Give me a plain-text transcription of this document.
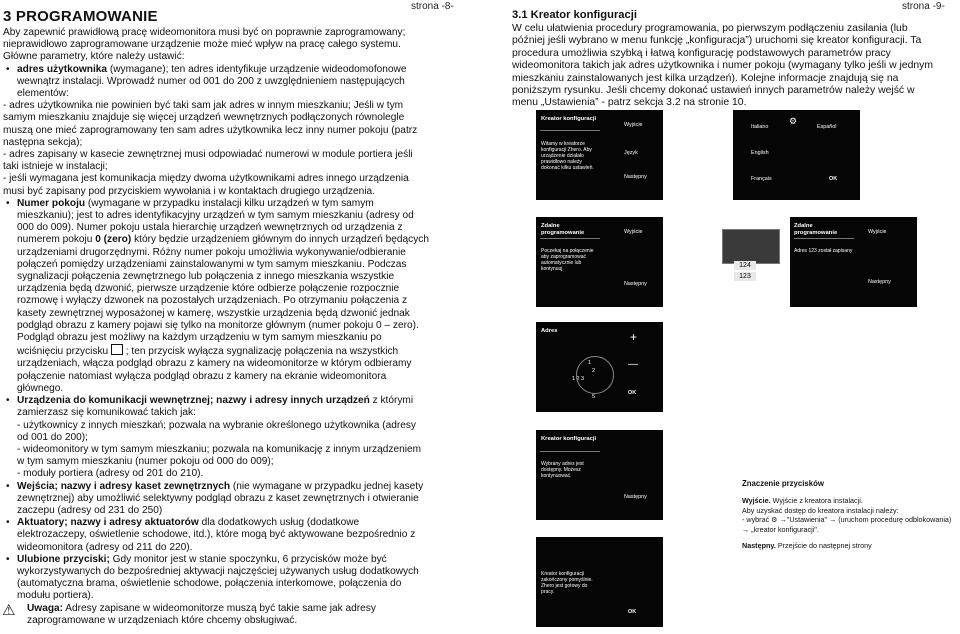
strona -8-
3 PROGRAMOWANIE

Aby zapewnić prawidłową pracę wideomonitora musi być on poprawnie zaprogramowany; nieprawidłowo zaprogramowane urządzenie może mieć wpływ na pracę całego systemu.

Główne parametry, które należy ustawić:

• adres użytkownika (wymagane); ten adres identyfikuje urządzenie wideodomofonowe wewnątrz instalacji. Wprowadź numer od 001 do 200 z uwzględnieniem następujących elementów:

- adres użytkownika nie powinien być taki sam jak adres w innym mieszkaniu; Jeśli w tym samym mieszkaniu znajduje się więcej urządzeń wewnętrznych podłączonych równolegle muszą one mieć zaprogramowany ten sam adres użytkownika lecz inny numer pokoju (patrz następna sekcja);

- adres zapisany w kasecie zewnętrznej musi odpowiadać numerowi w module portiera jeśli taki istnieje w instalacji;

- jeśli wymagana jest komunikacja między dwoma użytkownikami adres innego urządzenia musi być zapisany pod przyciskiem wywołania i w kontaktach drugiego urządzenia.

• Numer pokoju (wymagane w przypadku instalacji kilku urządzeń w tym samym mieszkaniu); jest to adres identyfikacyjny urządzeń w tym samym mieszkaniu (adresy od 000 do 009). Numer pokoju ustala hierarchię urządzeń wewnętrznych od urządzenia z numerem pokoju 0 (zero) który będzie urządzeniem głównym do innych urządzeń będących urządzeniami drugorzędnymi. Różny numer pokoju umożliwia wykonywanie/odbieranie połączeń pomiędzy urządzeniami zainstalowanymi w tym samym mieszkaniu. Podczas sygnalizacji połączenia zewnętrznego lub połączenia z innego mieszkania wszystkie urządzenia będą dzwonić, pierwsze urządzenie które odbierze połączenie rozpocznie rozmowę i wyłączy dzwonek na pozostałych urządzeniach. Po otrzymaniu połączenia z kasety zewnętrznej wyposażonej w kamerę, wszystkie urządzenia będą dzwonić jednak podgląd obrazu z kamery pojawi się tylko na monitorze głównym (numer pokoju 0 – zero). Podgląd obrazu jest możliwy na każdym urządzeniu w tym samym mieszkaniu po wciśnięciu przycisku  ; ten przycisk wyłącza sygnalizację połączenia na wszystkich urządzeniach, włącza podgląd obrazu z kamery na wideomonitorze w którym odbieramy połączenie natomiast wyłącza podgląd obrazu z kamery na ekranie wideomonitora głównego.

• Urządzenia do komunikacji wewnętrznej; nazwy i adresy innych urządzeń z którymi zamierzasz się komunikować takich jak:

- użytkownicy z innych mieszkań; pozwala na wybranie określonego użytkownika (adresy od 001 do 200);

- wideomonitory w tym samym mieszkaniu; pozwala na komunikację z innym urządzeniem w tym samym mieszkaniu (numer pokoju od 000 do 009);

- moduły portiera (adresy od 201 do 210).

• Wejścia; nazwy i adresy kaset zewnętrznych (nie wymagane w przypadku jednej kasety zewnętrznej) aby umożliwić selektywny podgląd obrazu z kaset zewnętrznych i otwieranie zaczepu (adresy od 231 do 250)

• Aktuatory; nazwy i adresy aktuatorów dla dodatkowych usług (dodatkowe elektrozaczepy, oświetlenie schodowe, itd.), które mogą być aktywowane bezpośrednio z wideomonitora (adresy od 211 do 220).

• Ulubione przyciski; Gdy monitor jest w stanie spoczynku, 6 przycisków może być wykorzystywanych do bezpośredniej aktywacji najczęściej używanych usług dodatkowych (automatyczna brama, oświetlenie schodowe, połączenia interkomowe, połączenia do modułu portiera).

⚠ Uwaga: Adresy zapisane w wideomonitorze muszą być takie same jak adresy zaprogramowane w urządzeniach które chcemy obsługiwać.

strona -9-
3.1 Kreator konfiguracji
W celu ułatwienia procedury programowania, po pierwszym podłączeniu zasilania (lub później jeśli wybrano w menu funkcję „konfiguracja”) uruchomi się kreator konfiguracji. Ta procedura umożliwia szybką i łatwą konfigurację podstawowych parametrów pracy wideomonitora takich jak adres użytkownika i numer pokoju (wymagany tylko jeśli w jednym mieszkaniu zainstalowanych jest kilka urządzeń). Kolejne informacje znajdują się na poniższym rysunku. Jeśli chcemy dokonać ustawień innych parametrów należy wejść w menu „Ustawienia” - patrz sekcja 3.2 na stronie 10.
Kreator konfiguracji
Witamy w kreatorze konfiguracji Zhero. Aby urządzenie działało prawidłowo należy dokonać kilku ustawień.
Wyjście
Język
Następny
Italiano	Español
English
Français	OK
⚙
Zdalne programowanie
Poczekaj na połączenie aby zaprogramować automatycznie lub kontynuuj
Wyjście
Następny
124
123
Zdalne programowanie
Adres 123 został zapisany
Wyjście
Następny
Adres	+
—
OK
1 2 3
1
2
5
Kreator konfiguracji
Wybrany adres jest dostępny. Możesz kontynuować.
Następny
Kreator konfiguracji zakończony pomyślnie. Zhero jest gotowy do pracy.
OK
Znaczenie przycisków
Wyjście. Wyjście z kreatora instalacji.
Aby uzyskać dostęp do kreatora instalacji należy:
- wybrać ⚙ →"Ustawienia" → (uruchom procedurę odblokowania) → „kreator konfiguracji".
Następny. Przejście do następnej strony
